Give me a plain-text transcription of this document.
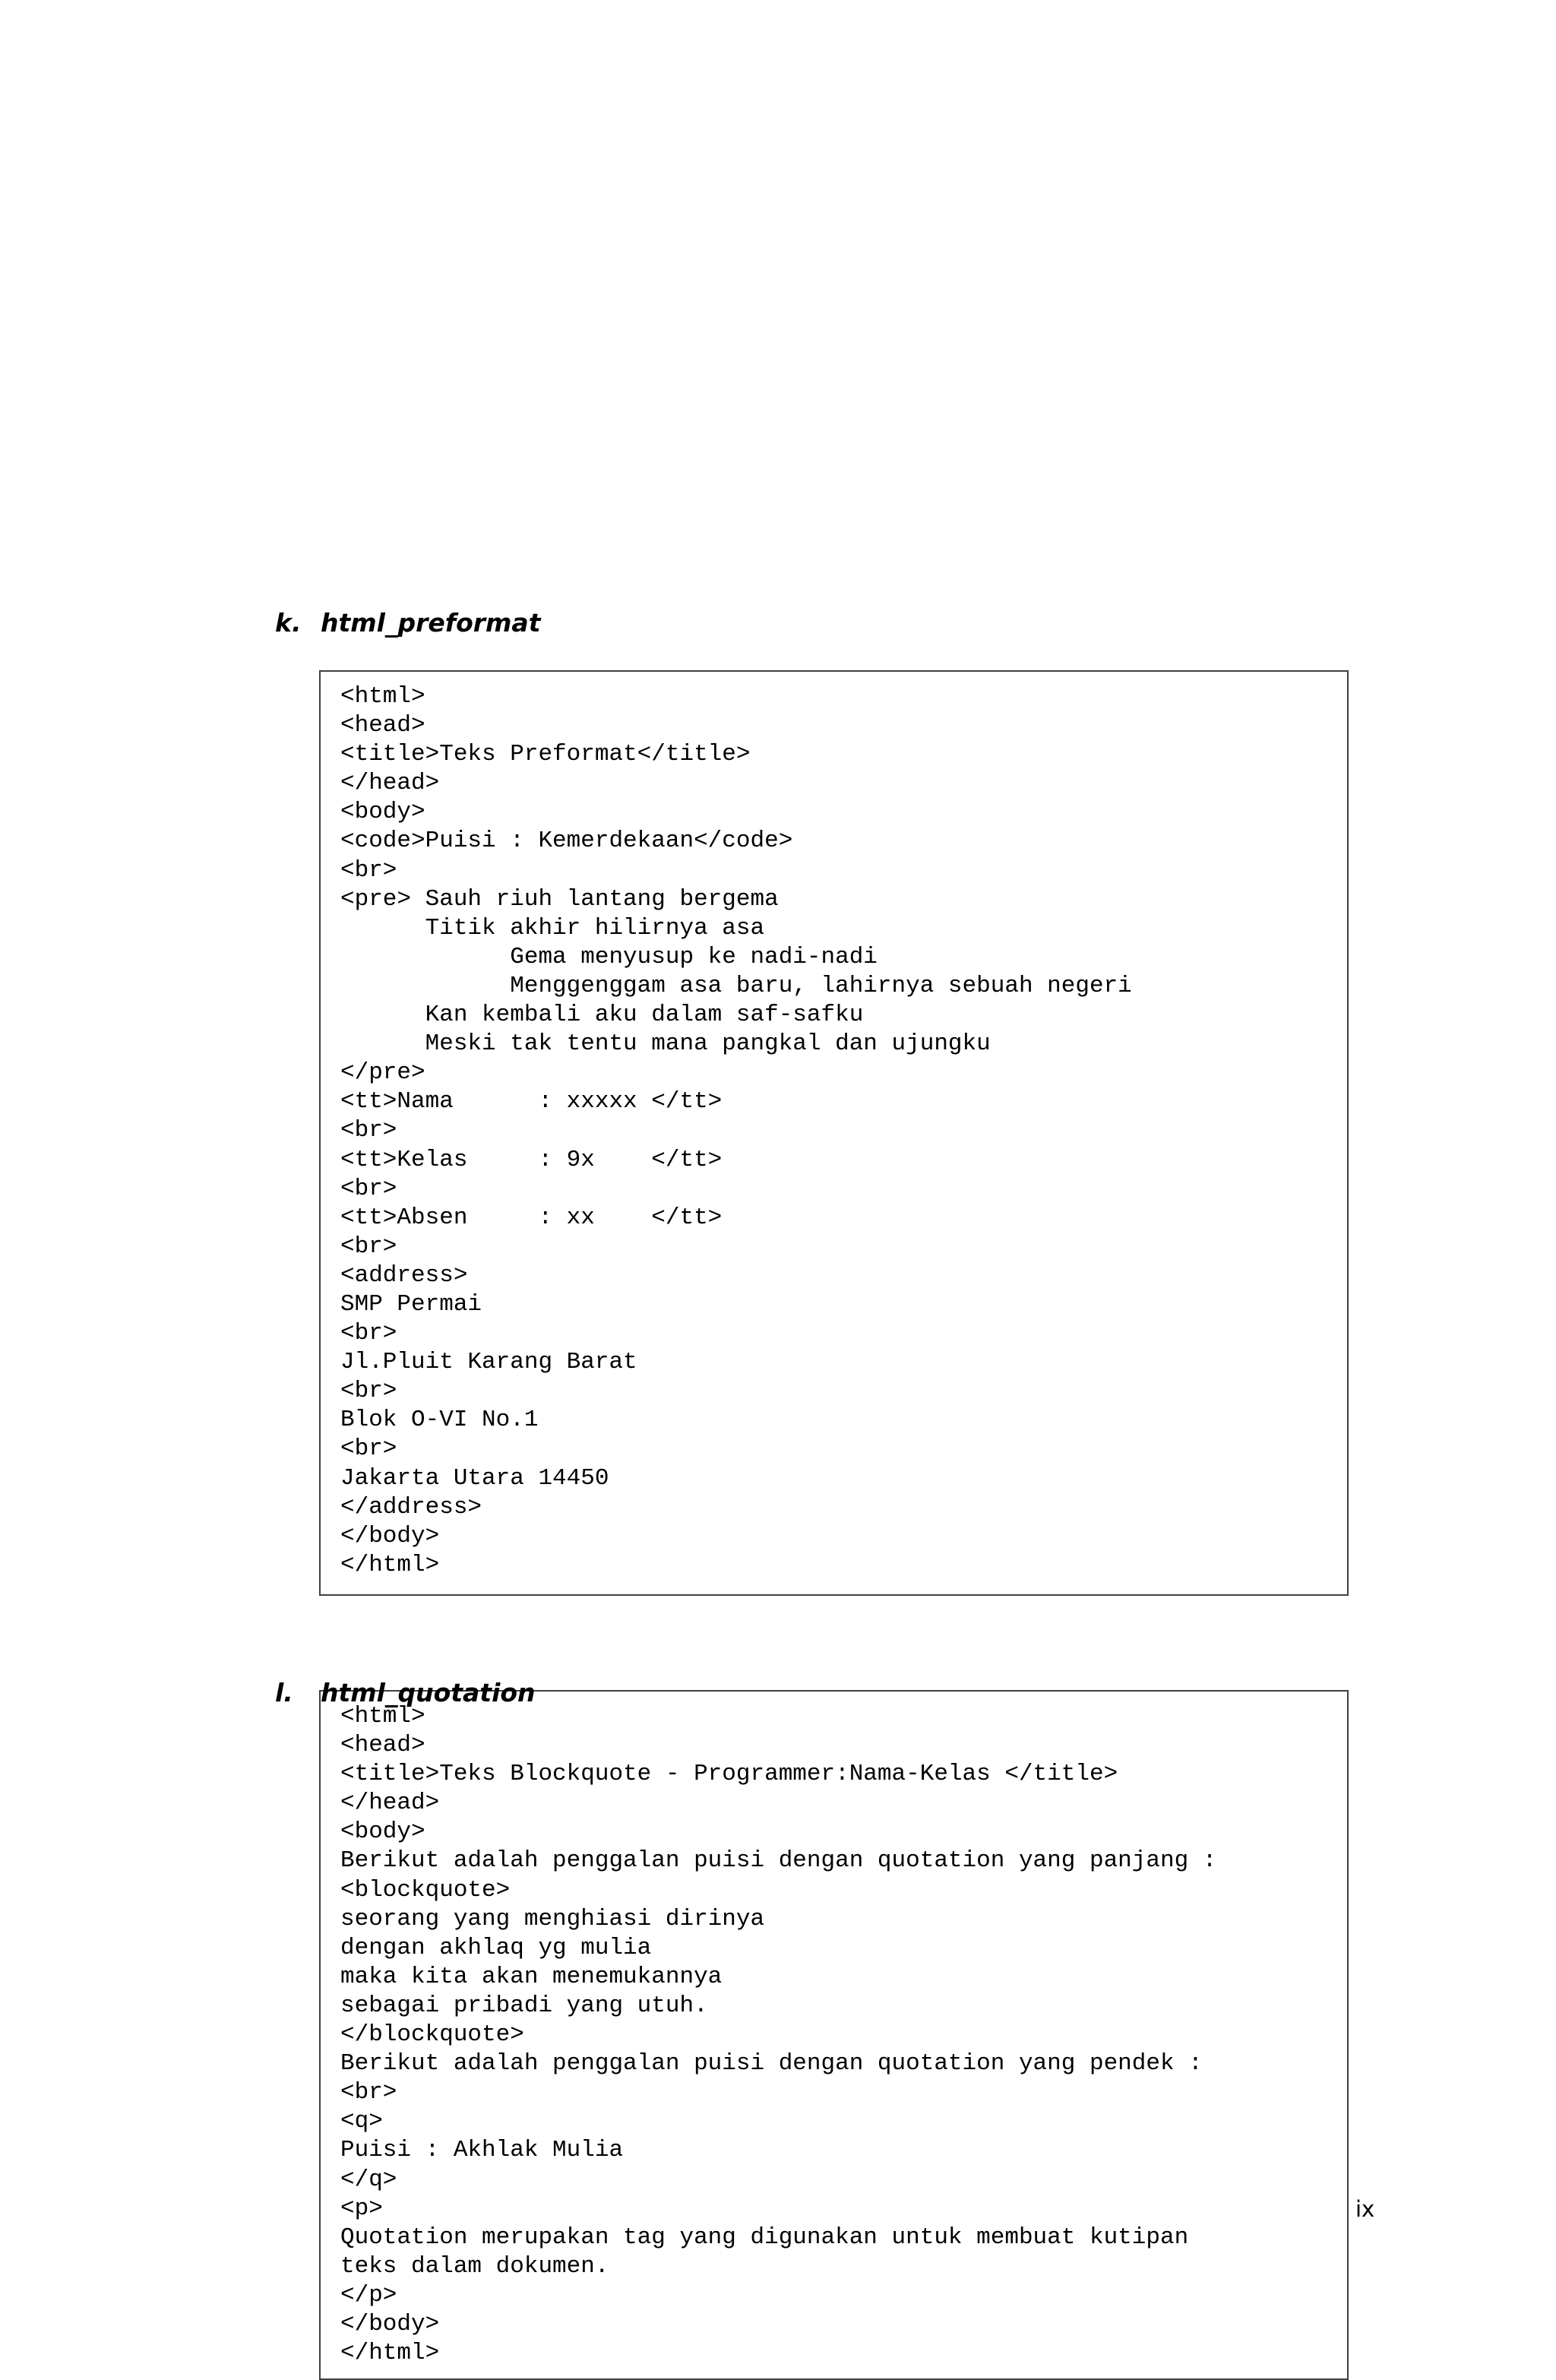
k. html_preformat
<html>
<head>
<title>Teks Preformat</title>
</head>
<body>
<code>Puisi : Kemerdekaan</code>
<br>
<pre> Sauh riuh lantang bergema
Titik akhir hilirnya asa
Gema menyusup ke nadi-nadi
Menggenggam asa baru, lahirnya sebuah negeri
Kan kembali aku dalam saf-safku
Meski tak tentu mana pangkal dan ujungku
</pre>
<tt>Nama      : xxxxx </tt>
<br>
<tt>Kelas     : 9x    </tt>
<br>
<tt>Absen     : xx    </tt>
<br>
<address>
SMP Permai
<br>
Jl.Pluit Karang Barat
<br>
Blok O-VI No.1
<br>
Jakarta Utara 14450
</address>
</body>
</html>
<html>
<head>
<title>Teks Blockquote - Programmer:Nama-Kelas </title>
</head>
<body>
Berikut adalah penggalan puisi dengan quotation yang panjang :
<blockquote>
seorang yang menghiasi dirinya
dengan akhlaq yg mulia
maka kita akan menemukannya
sebagai pribadi yang utuh.
</blockquote>
Berikut adalah penggalan puisi dengan quotation yang pendek :
<br>
<q>
Puisi : Akhlak Mulia
</q>
<p>
Quotation merupakan tag yang digunakan untuk membuat kutipan
teks dalam dokumen.
</p>
</body>
</html>
l. html_quotation
ix
